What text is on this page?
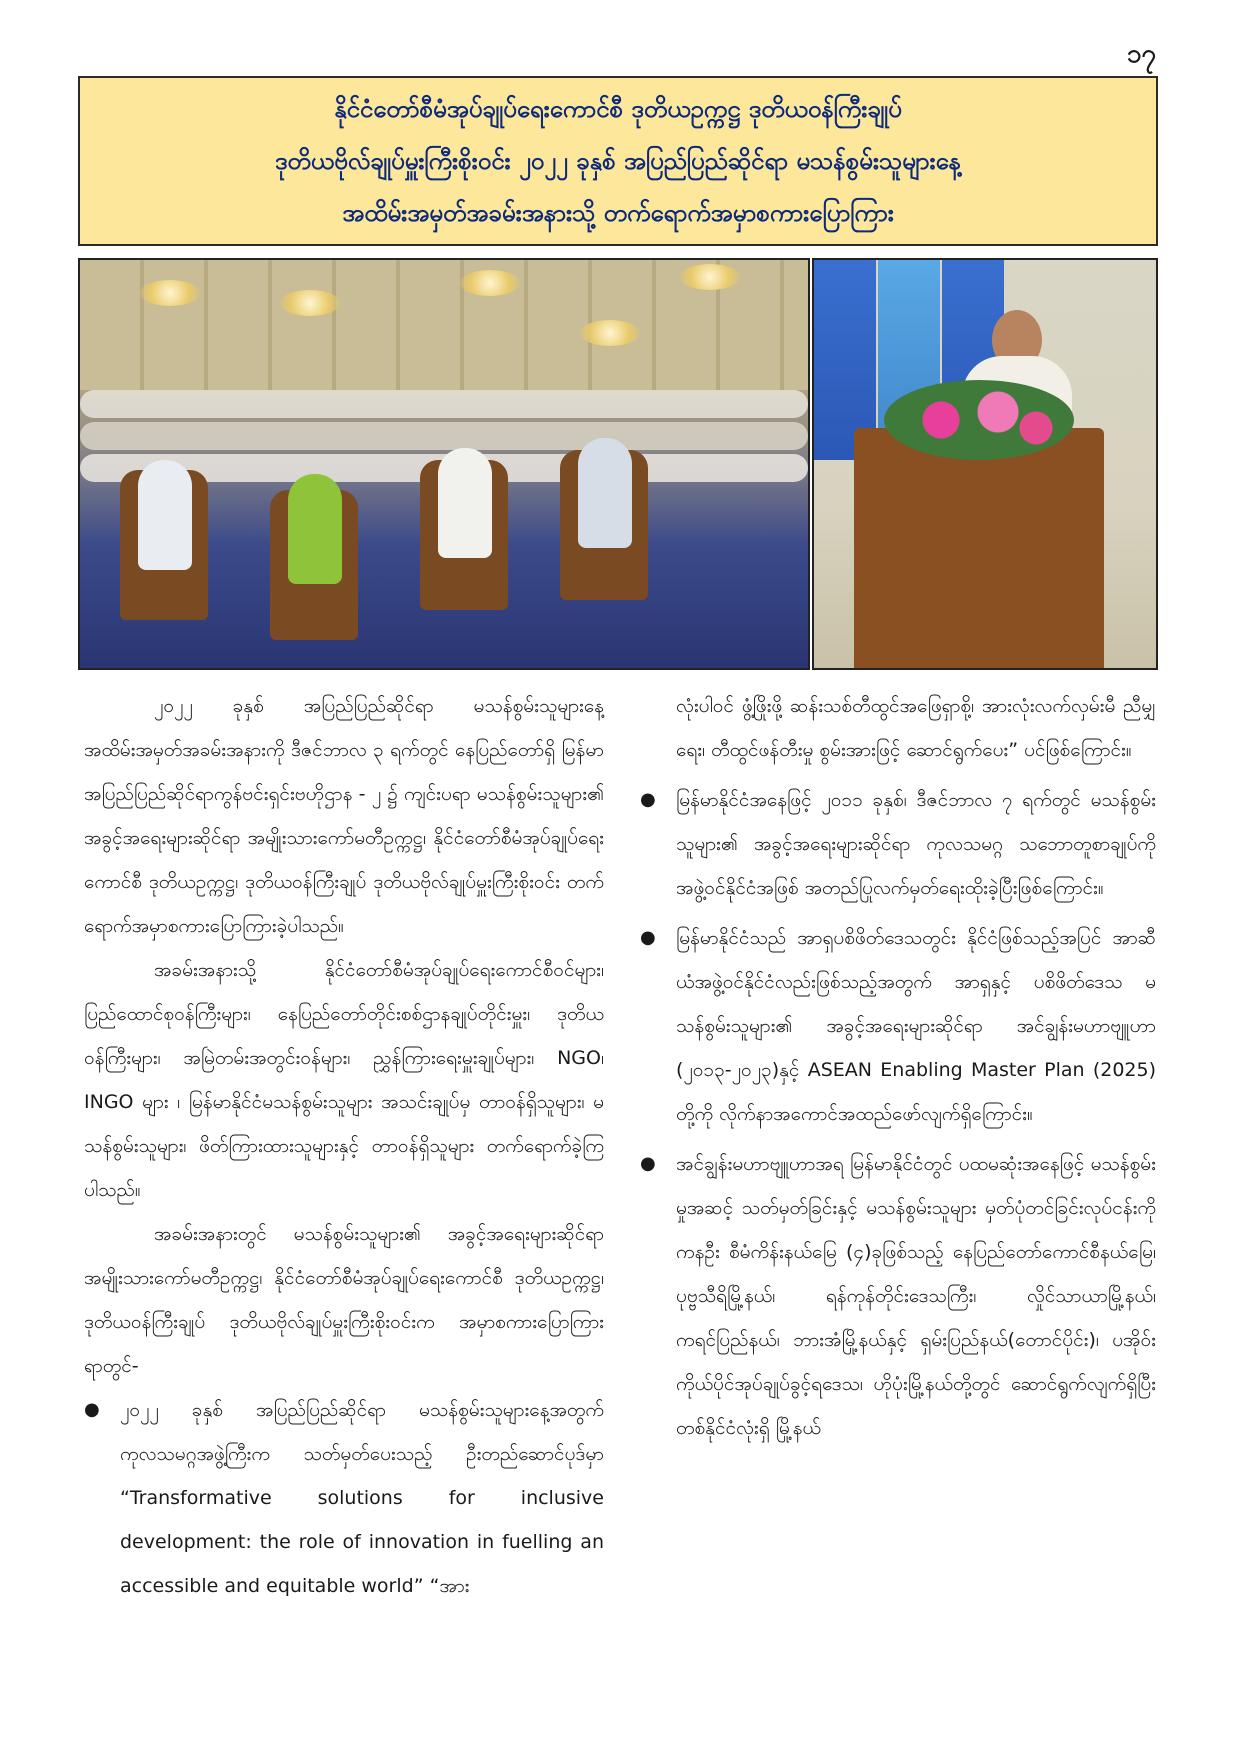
၁၇
နိုင်ငံတော်စီမံအုပ်ချုပ်ရေးကောင်စီ ဒုတိယဥက္ကဋ္ဌ ဒုတိယဝန်ကြီးချုပ်
ဒုတိယဗိုလ်ချုပ်မှူးကြီးစိုးဝင်း ၂၀၂၂ ခုနှစ် အပြည်ပြည်ဆိုင်ရာ မသန်စွမ်းသူများနေ့
အထိမ်းအမှတ်အခမ်းအနားသို့ တက်ရောက်အမှာစကားပြောကြား

၂၀၂၂ ခုနှစ် အပြည်ပြည်ဆိုင်ရာ မသန်စွမ်းသူများနေ့ အထိမ်းအမှတ်အခမ်းအနားကို ဒီဇင်ဘာလ ၃ ရက်တွင် နေပြည်တော်ရှိ မြန်မာအပြည်ပြည်ဆိုင်ရာကွန်ဗင်းရှင်းဗဟိုဌာန - ၂ ၌ ကျင်းပရာ မသန်စွမ်းသူများ၏ အခွင့်အရေးများဆိုင်ရာ အမျိုးသားကော်မတီဥက္ကဋ္ဌ၊ နိုင်ငံတော်စီမံအုပ်ချုပ်ရေးကောင်စီ ဒုတိယဥက္ကဋ္ဌ၊ ဒုတိယဝန်ကြီးချုပ် ဒုတိယဗိုလ်ချုပ်မှူးကြီးစိုးဝင်း တက်ရောက်အမှာစကားပြောကြားခဲ့ပါသည်။

အခမ်းအနားသို့ နိုင်ငံတော်စီမံအုပ်ချုပ်ရေးကောင်စီဝင်များ၊ ပြည်ထောင်စုဝန်ကြီးများ၊ နေပြည်တော်တိုင်းစစ်ဌာနချုပ်တိုင်းမှူး၊ ဒုတိယဝန်ကြီးများ၊ အမြဲတမ်းအတွင်းဝန်များ၊ ညွှန်ကြားရေးမှူးချုပ်များ၊ NGO၊ INGO များ ၊ မြန်မာနိုင်ငံမသန်စွမ်းသူများ အသင်းချုပ်မှ တာဝန်ရှိသူများ၊ မသန်စွမ်းသူများ၊ ဖိတ်ကြားထားသူများနှင့် တာဝန်ရှိသူများ တက်ရောက်ခဲ့ကြပါသည်။

အခမ်းအနားတွင် မသန်စွမ်းသူများ၏ အခွင့်အရေးများဆိုင်ရာ အမျိုးသားကော်မတီဥက္ကဋ္ဌ၊ နိုင်ငံတော်စီမံအုပ်ချုပ်ရေးကောင်စီ ဒုတိယဥက္ကဋ္ဌ၊ ဒုတိယဝန်ကြီးချုပ် ဒုတိယဗိုလ်ချုပ်မှူးကြီးစိုးဝင်းက အမှာစကားပြောကြားရာတွင်-

● ၂၀၂၂ ခုနှစ် အပြည်ပြည်ဆိုင်ရာ မသန်စွမ်းသူများနေ့အတွက် ကုလသမဂ္ဂအဖွဲ့ကြီးက သတ်မှတ်ပေးသည့် ဦးတည်ဆောင်ပုဒ်မှာ “Transformative solutions for inclusive development: the role of innovation in fuelling an accessible and equitable world” “အား

လုံးပါဝင် ဖွံ့ဖြိုးဖို့ ဆန်းသစ်တီထွင်အဖြေရှာစို့၊ အားလုံးလက်လှမ်းမီ ညီမျှရေး၊ တီထွင်ဖန်တီးမှု စွမ်းအားဖြင့် ဆောင်ရွက်ပေး” ပင်ဖြစ်ကြောင်း။

● မြန်မာနိုင်ငံအနေဖြင့် ၂၀၁၁ ခုနှစ်၊ ဒီဇင်ဘာလ ၇ ရက်တွင် မသန်စွမ်းသူများ၏ အခွင့်အရေးများဆိုင်ရာ ကုလသမဂ္ဂ သဘောတူစာချုပ်ကို အဖွဲ့ဝင်နိုင်ငံအဖြစ် အတည်ပြုလက်မှတ်ရေးထိုးခဲ့ပြီးဖြစ်ကြောင်း။

● မြန်မာနိုင်ငံသည် အာရှပစိဖိတ်ဒေသတွင်း နိုင်ငံဖြစ်သည့်အပြင် အာဆီယံအဖွဲ့ဝင်နိုင်ငံလည်းဖြစ်သည့်အတွက် အာရှနှင့် ပစိဖိတ်ဒေသ မသန်စွမ်းသူများ၏ အခွင့်အရေးများဆိုင်ရာ အင်ချွန်းမဟာဗျူဟာ (၂၀၁၃-၂၀၂၃)နှင့် ASEAN Enabling Master Plan (2025) တို့ကို လိုက်နာအကောင်အထည်ဖော်လျက်ရှိကြောင်း။

● အင်ချွန်းမဟာဗျူဟာအရ မြန်မာနိုင်ငံတွင် ပထမဆုံးအနေဖြင့် မသန်စွမ်းမှုအဆင့် သတ်မှတ်ခြင်းနှင့် မသန်စွမ်းသူများ မှတ်ပုံတင်ခြင်းလုပ်ငန်းကို ကနဦး စီမံကိန်းနယ်မြေ (၄)ခုဖြစ်သည့် နေပြည်တော်ကောင်စီနယ်မြေ၊ ပုဗ္ဗသီရိမြို့နယ်၊ ရန်ကုန်တိုင်းဒေသကြီး၊ လှိုင်သာယာမြို့နယ်၊ ကရင်ပြည်နယ်၊ ဘားအံမြို့နယ်နှင့် ရှမ်းပြည်နယ်(တောင်ပိုင်း)၊ ပအိုဝ်းကိုယ်ပိုင်အုပ်ချုပ်ခွင့်ရဒေသ၊ ဟိုပုံးမြို့နယ်တို့တွင် ဆောင်ရွက်လျက်ရှိပြီး တစ်နိုင်ငံလုံးရှိ မြို့နယ်
